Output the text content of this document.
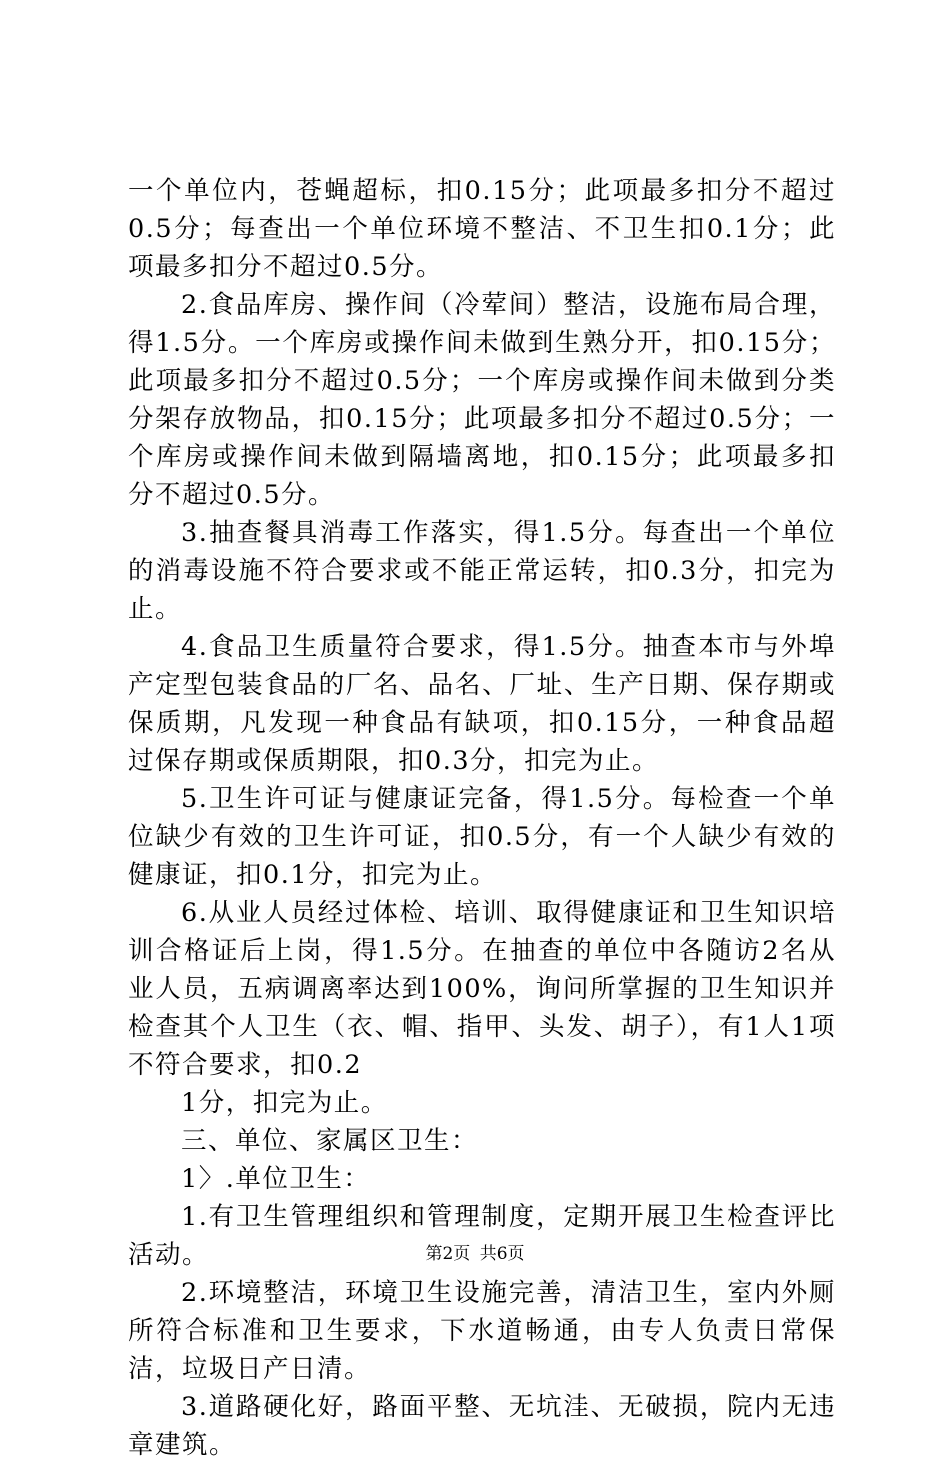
一个单位内，苍蝇超标，扣0.15分；此项最多扣分不超过0.5分；每查出一个单位环境不整洁、不卫生扣0.1分；此项最多扣分不超过0.5分。

2.食品库房、操作间（冷荤间）整洁，设施布局合理，得1.5分。一个库房或操作间未做到生熟分开，扣0.15分；此项最多扣分不超过0.5分；一个库房或操作间未做到分类分架存放物品，扣0.15分；此项最多扣分不超过0.5分；一个库房或操作间未做到隔墙离地，扣0.15分；此项最多扣分不超过0.5分。

3.抽查餐具消毒工作落实，得1.5分。每查出一个单位的消毒设施不符合要求或不能正常运转，扣0.3分，扣完为止。

4.食品卫生质量符合要求，得1.5分。抽查本市与外埠产定型包装食品的厂名、品名、厂址、生产日期、保存期或保质期，凡发现一种食品有缺项，扣0.15分，一种食品超过保存期或保质期限，扣0.3分，扣完为止。

5.卫生许可证与健康证完备，得1.5分。每检查一个单位缺少有效的卫生许可证，扣0.5分，有一个人缺少有效的健康证，扣0.1分，扣完为止。

6.从业人员经过体检、培训、取得健康证和卫生知识培训合格证后上岗，得1.5分。在抽查的单位中各随访2名从业人员，五病调离率达到100%，询问所掌握的卫生知识并检查其个人卫生（衣、帽、指甲、头发、胡子），有1人1项不符合要求，扣0.2

1分，扣完为止。

三、单位、家属区卫生：

1〉.单位卫生：

1.有卫生管理组织和管理制度，定期开展卫生检查评比活动。

2.环境整洁，环境卫生设施完善，清洁卫生，室内外厕所符合标准和卫生要求，下水道畅通，由专人负责日常保洁，垃圾日产日清。

3.道路硬化好，路面平整、无坑洼、无破损，院内无违章建筑。

第2页 共6页
